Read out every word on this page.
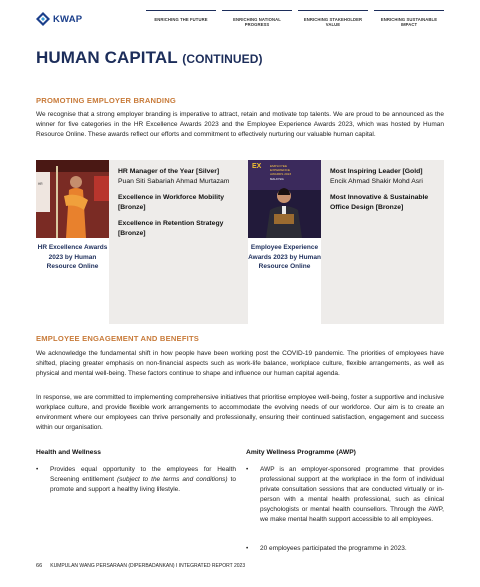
KWAP	ENRICHING THE FUTURE	ENRICHING NATIONAL PROGRESS
ENRICHING STAKEHOLDER VALUE
ENRICHING SUSTAINABLE IMPACT
HUMAN CAPITAL (CONTINUED)
PROMOTING EMPLOYER BRANDING
We recognise that a strong employer branding is imperative to attract, retain and motivate top talents. We are proud to be announced as the winner for five categories in the HR Excellence Awards 2023 and the Employee Experience Awards 2023, which was hosted by Human Resource Online. These awards reflect our efforts and commitment to effectively nurturing our valuable human capital.
HR
HR Excellence Awards 2023 by Human Resource Online
HR Manager of the Year [Silver]
Puan Siti Sabariah Ahmad Murtazam
Excellence in Workforce Mobility [Bronze]
Excellence in Retention Strategy [Bronze]
EX	EMPLOYEE
EXPERIENCE
AWARDS 2023
MALAYSIA
Employee Experience Awards 2023 by Human Resource Online
Most Inspiring Leader [Gold]
Encik Ahmad Shakir Mohd Asri
Most Innovative & Sustainable Office Design [Bronze]
EMPLOYEE ENGAGEMENT AND BENEFITS
We acknowledge the fundamental shift in how people have been working post the COVID-19 pandemic. The priorities of employees have shifted, placing greater emphasis on non-financial aspects such as work-life balance, workplace culture, flexible arrangements, as well as physical and mental well-being. These factors continue to shape and influence our human capital agenda.
In response, we are committed to implementing comprehensive initiatives that prioritise employee well-being, foster a supportive and inclusive workplace culture, and provide flexible work arrangements to accommodate the evolving needs of our workforce. Our aim is to create an environment where our employees can thrive personally and professionally, ensuring their continued satisfaction, engagement and success within our organisation.
Health and Wellness
• Provides equal opportunity to the employees for Health Screening entitlement (subject to the terms and conditions) to promote and support a healthy living lifestyle.
Amity Wellness Programme (AWP)
• AWP is an employer-sponsored programme that provides professional support at the workplace in the form of individual private consultation sessions that are conducted virtually or in-person with a mental health professional, such as clinical psychologists or mental health counsellors. Through the AWP, we make mental health support accessible to all employees.
• 20 employees participated the programme in 2023.
66 KUMPULAN WANG PERSARAAN (DIPERBADANKAN) I INTEGRATED REPORT 2023
